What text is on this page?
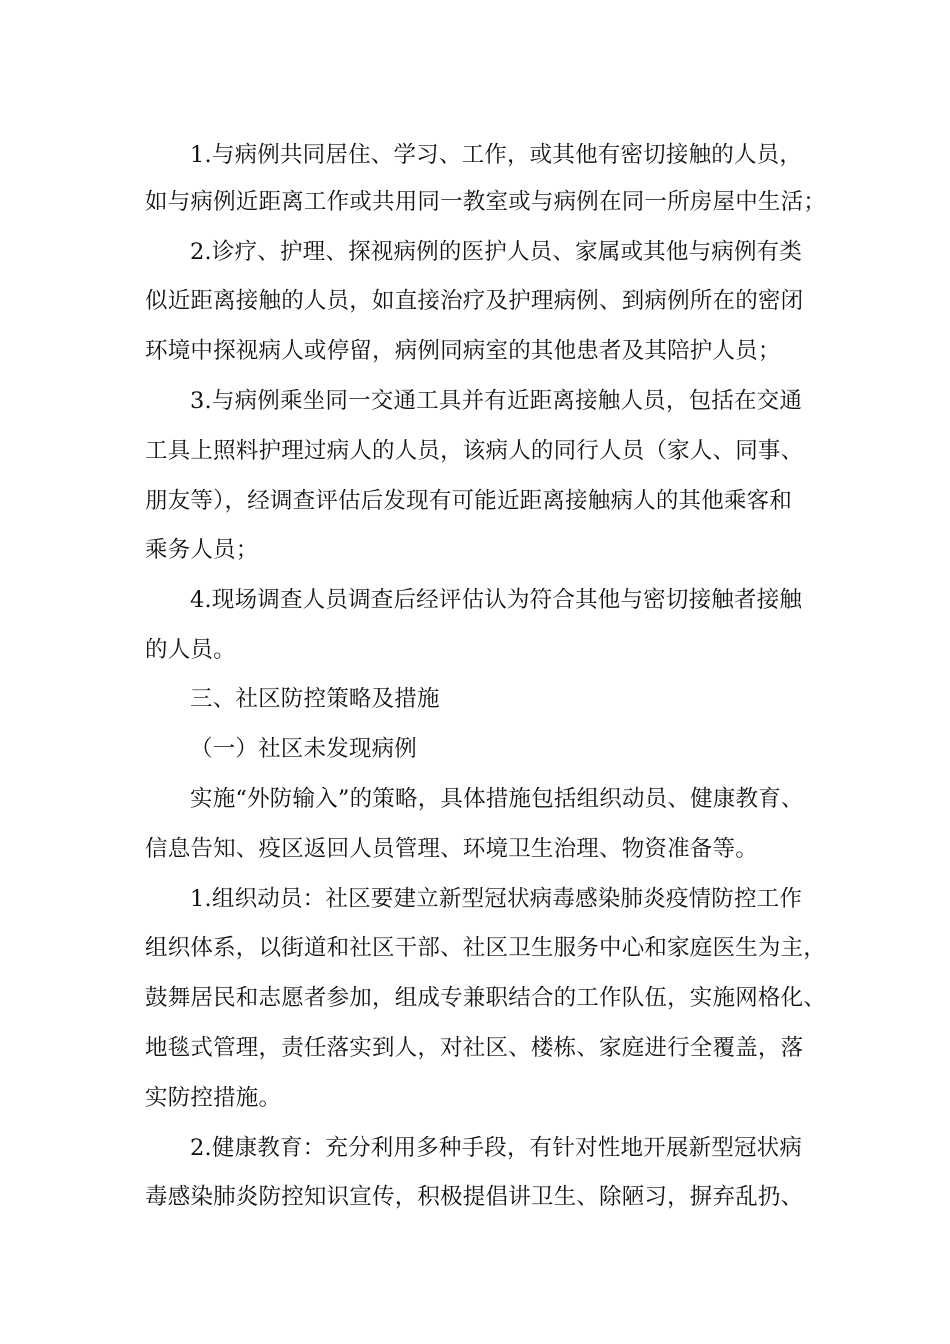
1.与病例共同居住、学习、工作，或其他有密切接触的人员，
如与病例近距离工作或共用同一教室或与病例在同一所房屋中生活；
2.诊疗、护理、探视病例的医护人员、家属或其他与病例有类
似近距离接触的人员，如直接治疗及护理病例、到病例所在的密闭
环境中探视病人或停留，病例同病室的其他患者及其陪护人员；
3.与病例乘坐同一交通工具并有近距离接触人员，包括在交通
工具上照料护理过病人的人员，该病人的同行人员（家人、同事、
朋友等），经调查评估后发现有可能近距离接触病人的其他乘客和
乘务人员；
4.现场调查人员调查后经评估认为符合其他与密切接触者接触
的人员。
三、社区防控策略及措施
（一）社区未发现病例
实施“外防输入”的策略，具体措施包括组织动员、健康教育、
信息告知、疫区返回人员管理、环境卫生治理、物资准备等。
1.组织动员：社区要建立新型冠状病毒感染肺炎疫情防控工作
组织体系，以街道和社区干部、社区卫生服务中心和家庭医生为主，
鼓舞居民和志愿者参加，组成专兼职结合的工作队伍，实施网格化、
地毯式管理，责任落实到人，对社区、楼栋、家庭进行全覆盖，落
实防控措施。
2.健康教育：充分利用多种手段，有针对性地开展新型冠状病
毒感染肺炎防控知识宣传，积极提倡讲卫生、除陋习，摒弃乱扔、
